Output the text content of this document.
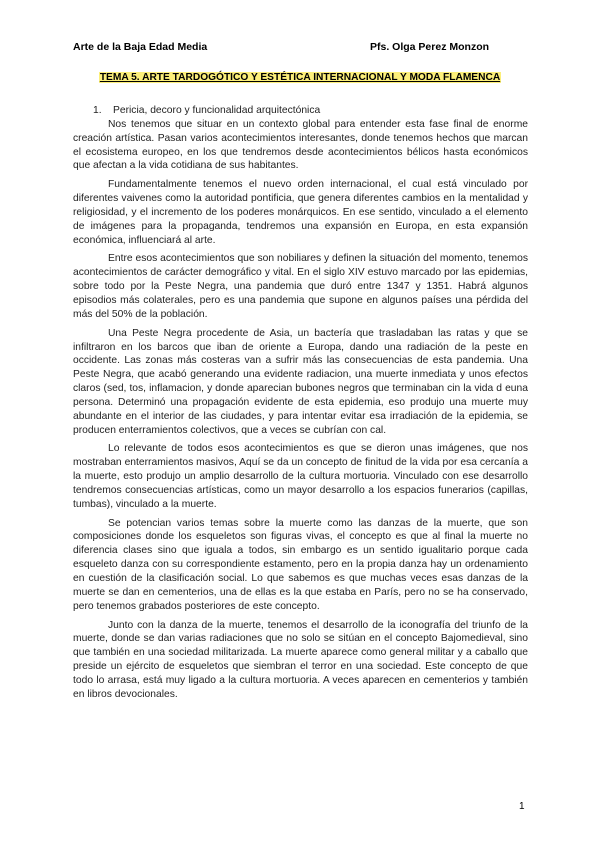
Arte de la Baja Edad Media	Pfs. Olga Perez Monzon
TEMA 5. ARTE TARDOGÓTICO Y ESTÉTICA INTERNACIONAL Y MODA FLAMENCA
1.	Pericia, decoro y funcionalidad arquitectónica

Nos tenemos que situar en un contexto global para entender esta fase final de enorme creación artística. Pasan varios acontecimientos interesantes, donde tenemos hechos que marcan el ecosistema europeo, en los que tendremos desde acontecimientos bélicos hasta económicos que afectan a la vida cotidiana de sus habitantes.

Fundamentalmente tenemos el nuevo orden internacional, el cual está vinculado por diferentes vaivenes como la autoridad pontificia, que genera diferentes cambios en la mentalidad y religiosidad, y el incremento de los poderes monárquicos. En ese sentido, vinculado a el elemento de imágenes para la propaganda, tendremos una expansión en Europa, en esta expansión económica, influenciará al arte.

Entre esos acontecimientos que son nobiliares y definen la situación del momento, tenemos acontecimientos de carácter demográfico y vital. En el siglo XIV estuvo marcado por las epidemias, sobre todo por la Peste Negra, una pandemia que duró entre 1347 y 1351. Habrá algunos episodios más colaterales, pero es una pandemia que supone en algunos países una pérdida del más del 50% de la población.

Una Peste Negra procedente de Asia, un bactería que trasladaban las ratas y que se infiltraron en los barcos que iban de oriente a Europa, dando una radiación de la peste en occidente. Las zonas más costeras van a sufrir más las consecuencias de esta pandemia. Una Peste Negra, que acabó generando una evidente radiacion, una muerte inmediata y unos efectos claros (sed, tos, inflamacion, y donde aparecian bubones negros que terminaban cin la vida d euna persona. Determinó una propagación evidente de esta epidemia, eso produjo una muerte muy abundante en el interior de las ciudades, y para intentar evitar esa irradiación de la epidemia, se producen enterramientos colectivos, que a veces se cubrían con cal.

Lo relevante de todos esos acontecimientos es que se dieron unas imágenes, que nos mostraban enterramientos masivos, Aquí se da un concepto de finitud de la vida por esa cercanía a la muerte, esto produjo un amplio desarrollo de la cultura mortuoria. Vinculado con ese desarrollo tendremos consecuencias artísticas, como un mayor desarrollo a los espacios funerarios (capillas, tumbas), vinculado a la muerte.

Se potencian varios temas sobre la muerte como las danzas de la muerte, que son composiciones donde los esqueletos son figuras vivas, el concepto es que al final la muerte no diferencia clases sino que iguala a todos, sin embargo es un sentido igualitario porque cada esqueleto danza con su correspondiente estamento, pero en la propia danza hay un ordenamiento en cuestión de la clasificación social. Lo que sabemos es que muchas veces esas danzas de la muerte se dan en cementerios, una de ellas es la que estaba en París, pero no se ha conservado, pero tenemos grabados posteriores de este concepto.

Junto con la danza de la muerte, tenemos el desarrollo de la iconografía del triunfo de la muerte, donde se dan varias radiaciones que no solo se sitúan en el concepto Bajomedieval, sino que también en una sociedad militarizada. La muerte aparece como general militar y a caballo que preside un ejército de esqueletos que siembran el terror en una sociedad. Este concepto de que todo lo arrasa, está muy ligado a la cultura mortuoria. A veces aparecen en cementerios y también en libros devocionales.

1
